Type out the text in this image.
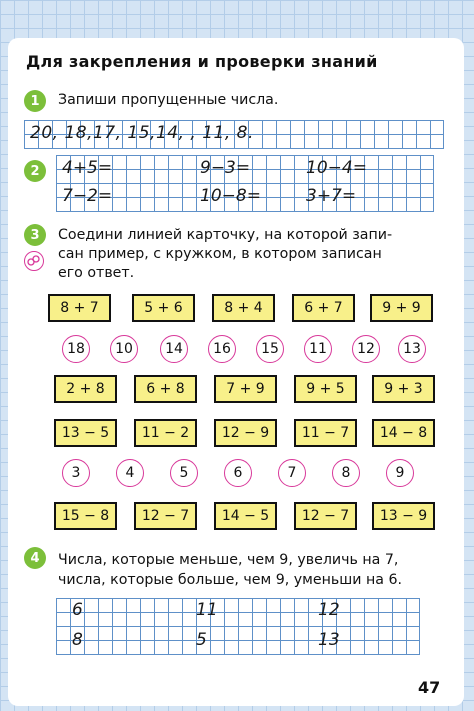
Для закрепления и проверки знаний
1	Запиши пропущенные числа.
20, 18,17, 15,14, , 11, 8.
2	4+5=	9−3=	10−4=
7−2=	10−8=	3+7=
3	Соедини линией карточку, на которой запи-
сан пример, с кружком, в котором записан
его ответ.
8 + 7	5 + 6	8 + 4	6 + 7	9 + 9
18	10	14	16	15	11	12	13
2 + 8	6 + 8	7 + 9	9 + 5	9 + 3
13 − 5	11 − 2	12 − 9	11 − 7	14 − 8
3	4	5	6	7	8	9
15 − 8	12 − 7	14 − 5	12 − 7	13 − 9
4	Числа, которые меньше, чем 9, увеличь на 7,
числа, которые больше, чем 9, уменьши на 6.
6	11	12
8	5	13
47
